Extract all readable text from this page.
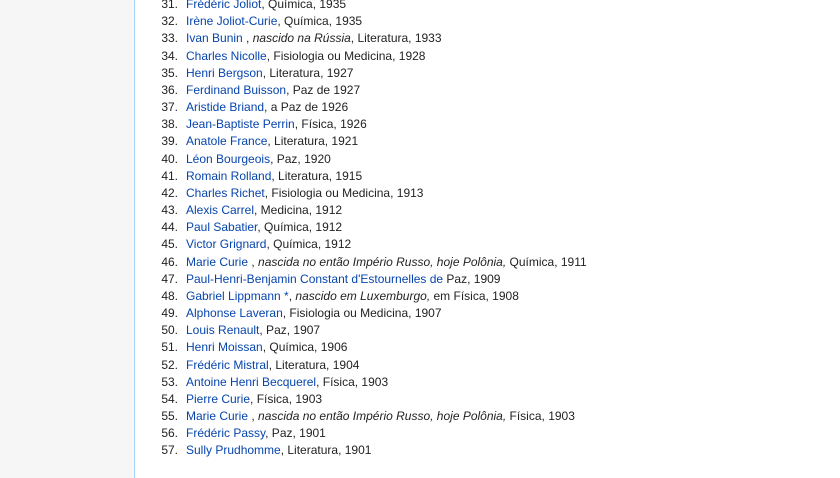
31. Frédéric Joliot, Química, 1935
32. Irène Joliot-Curie, Química, 1935
33. Ivan Bunin , nascido na Rússia, Literatura, 1933
34. Charles Nicolle, Fisiologia ou Medicina, 1928
35. Henri Bergson, Literatura, 1927
36. Ferdinand Buisson, Paz de 1927
37. Aristide Briand, a Paz de 1926
38. Jean-Baptiste Perrin, Física, 1926
39. Anatole France, Literatura, 1921
40. Léon Bourgeois, Paz, 1920
41. Romain Rolland, Literatura, 1915
42. Charles Richet, Fisiologia ou Medicina, 1913
43. Alexis Carrel, Medicina, 1912
44. Paul Sabatier, Química, 1912
45. Victor Grignard, Química, 1912
46. Marie Curie , nascida no então Império Russo, hoje Polônia, Química, 1911
47. Paul-Henri-Benjamin Constant d'Estournelles de Paz, 1909
48. Gabriel Lippmann *, nascido em Luxemburgo, em Física, 1908
49. Alphonse Laveran, Fisiologia ou Medicina, 1907
50. Louis Renault, Paz, 1907
51. Henri Moissan, Química, 1906
52. Frédéric Mistral, Literatura, 1904
53. Antoine Henri Becquerel, Física, 1903
54. Pierre Curie, Física, 1903
55. Marie Curie , nascida no então Império Russo, hoje Polônia, Física, 1903
56. Frédéric Passy, Paz, 1901
57. Sully Prudhomme, Literatura, 1901
